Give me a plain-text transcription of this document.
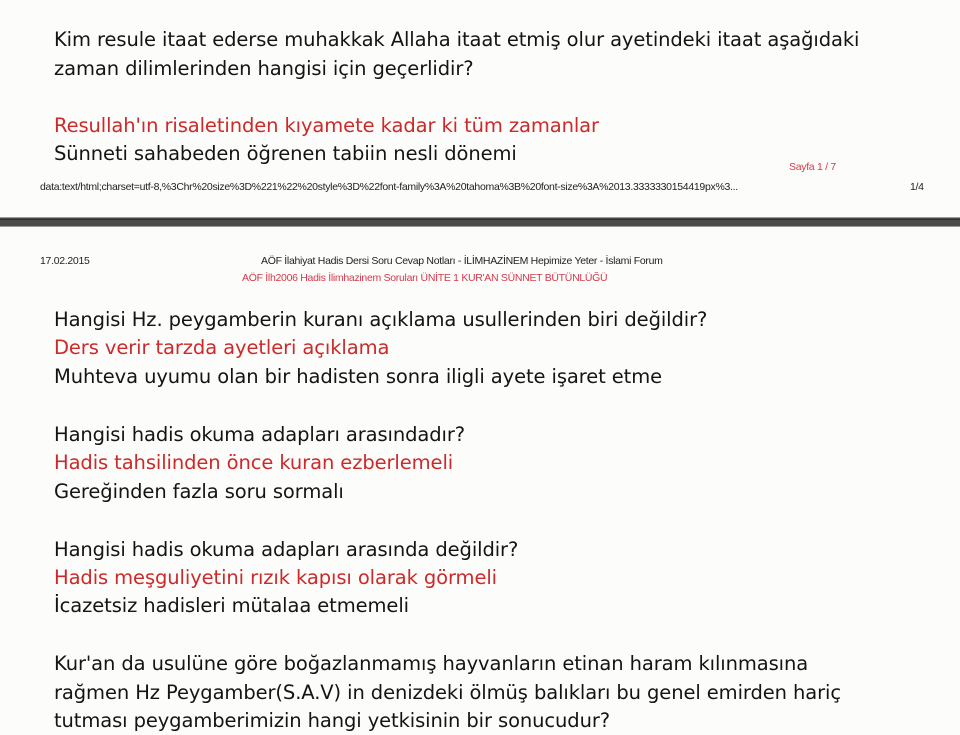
Kim resule itaat ederse muhakkak Allaha itaat etmiş olur ayetindeki itaat aşağıdaki
zaman dilimlerinden hangisi için geçerlidir?
Resullah'ın risaletinden kıyamete kadar ki tüm zamanlar
Sünneti sahabeden öğrenen tabiin nesli dönemi
Sayfa 1 / 7
data:text/html;charset=utf-8,%3Chr%20size%3D%221%22%20style%3D%22font-family%3A%20tahoma%3B%20font-size%3A%2013.3333330154419px%3...	1/4
17.02.2015	AÖF İlahiyat Hadis Dersi Soru Cevap Notları - İLİMHAZİNEM Hepimize Yeter - İslami Forum
AÖF İlh2006 Hadis İlimhazinem Soruları ÜNİTE 1 KUR'AN SÜNNET BÜTÜNLÜĞÜ
Hangisi Hz. peygamberin kuranı açıklama usullerinden biri değildir?
Ders verir tarzda ayetleri açıklama
Muhteva uyumu olan bir hadisten sonra iligli ayete işaret etme
Hangisi hadis okuma adapları arasındadır?
Hadis tahsilinden önce kuran ezberlemeli
Gereğinden fazla soru sormalı
Hangisi hadis okuma adapları arasında değildir?
Hadis meşguliyetini rızık kapısı olarak görmeli
İcazetsiz hadisleri mütalaa etmemeli
Kur'an da usulüne göre boğazlanmamış hayvanların etinan haram kılınmasına
rağmen Hz Peygamber(S.A.V) in denizdeki ölmüş balıkları bu genel emirden hariç
tutması peygamberimizin hangi yetkisinin bir sonucudur?
